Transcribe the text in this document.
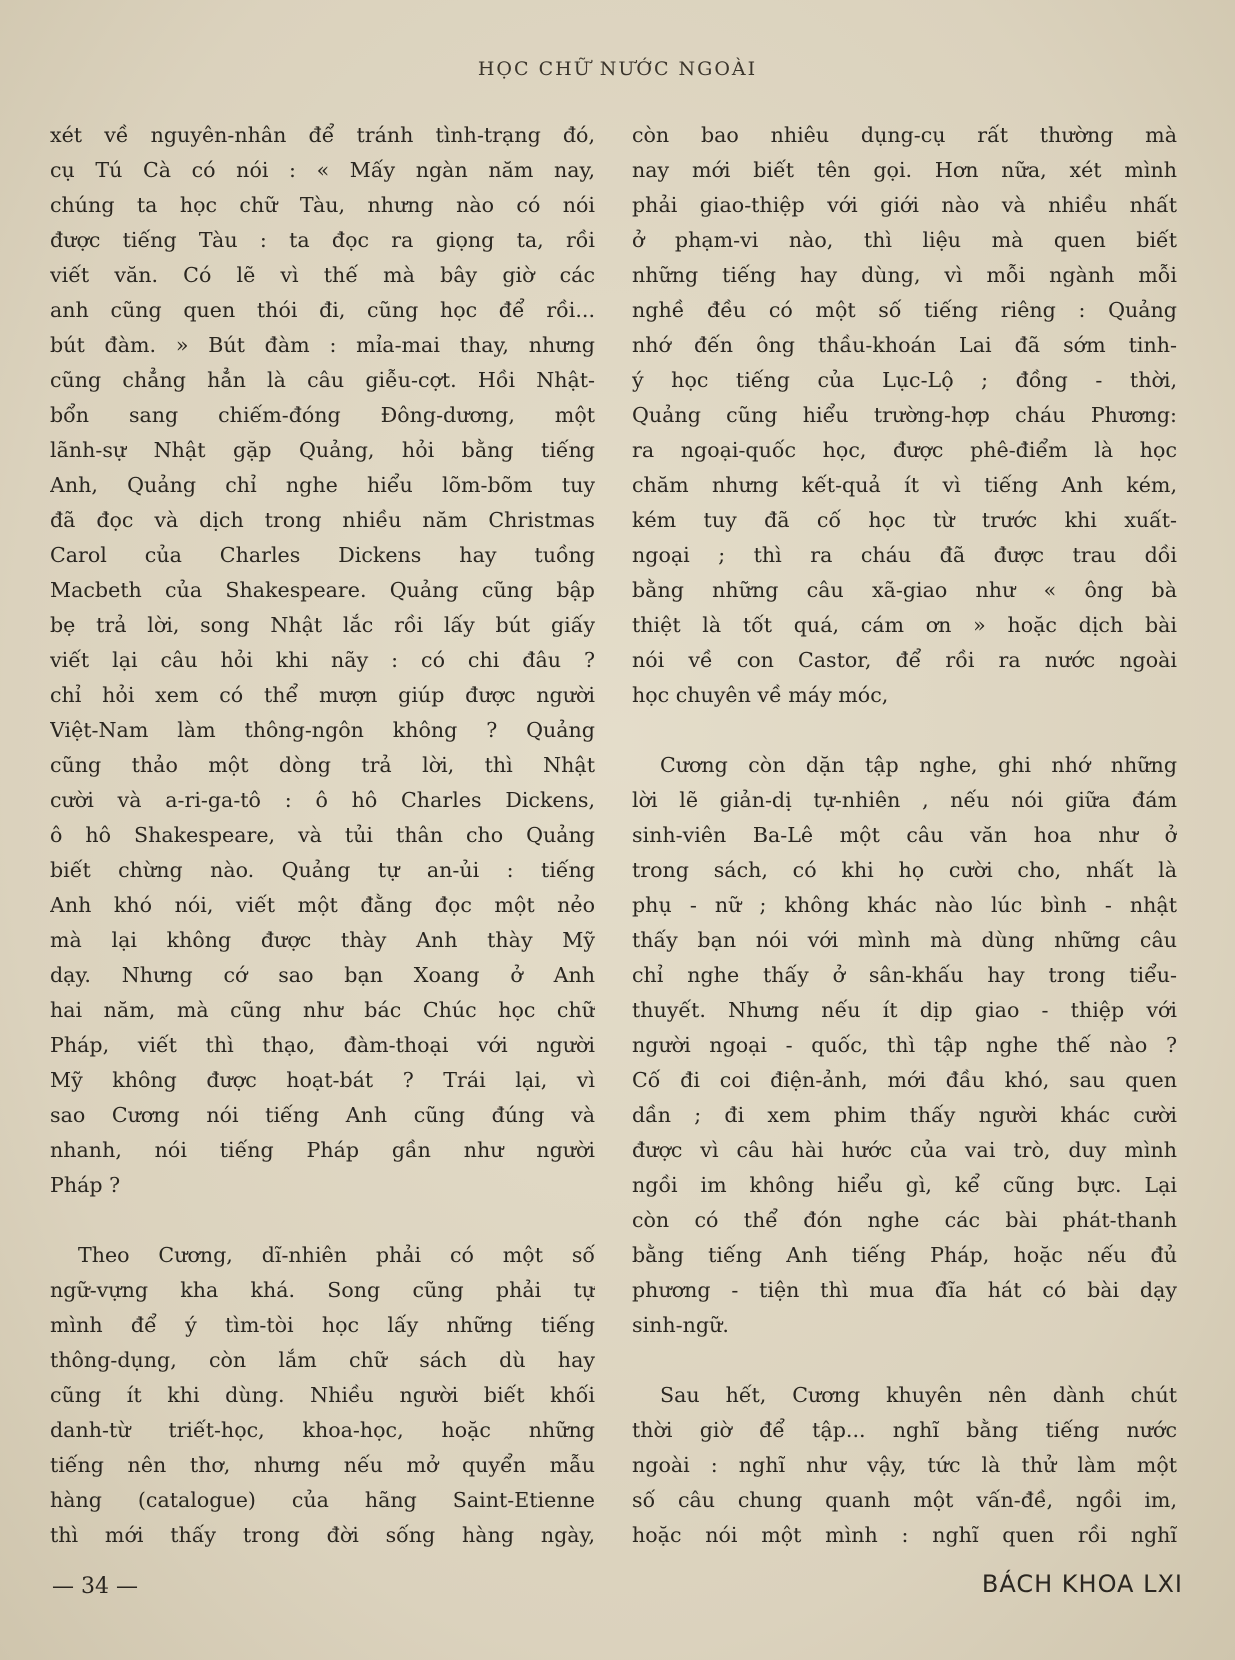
HỌC CHỮ NƯỚC NGOÀI
xét về nguyên-nhân để tránh tình-trạng đó,
cụ Tú Cà có nói : « Mấy ngàn năm nay,
chúng ta học chữ Tàu, nhưng nào có nói
được tiếng Tàu : ta đọc ra giọng ta, rồi
viết văn. Có lẽ vì thế mà bây giờ các
anh cũng quen thói đi, cũng học để rồi...
bút đàm. » Bút đàm : mỉa-mai thay, nhưng
cũng chẳng hẳn là câu giễu-cợt. Hồi Nhật-
bổn sang chiếm-đóng Đông-dương, một
lãnh-sự Nhật gặp Quảng, hỏi bằng tiếng
Anh, Quảng chỉ nghe hiểu lõm-bõm tuy
đã đọc và dịch trong nhiều năm Christmas
Carol của Charles Dickens hay tuồng
Macbeth của Shakespeare. Quảng cũng bập
bẹ trả lời, song Nhật lắc rồi lấy bút giấy
viết lại câu hỏi khi nãy : có chi đâu ?
chỉ hỏi xem có thể mượn giúp được người
Việt-Nam làm thông-ngôn không ? Quảng
cũng thảo một dòng trả lời, thì Nhật
cười và a-ri-ga-tô : ô hô Charles Dickens,
ô hô Shakespeare, và tủi thân cho Quảng
biết chừng nào. Quảng tự an-ủi : tiếng
Anh khó nói, viết một đằng đọc một nẻo
mà lại không được thày Anh thày Mỹ
dạy. Nhưng cớ sao bạn Xoang ở Anh
hai năm, mà cũng như bác Chúc học chữ
Pháp, viết thì thạo, đàm-thoại với người
Mỹ không được hoạt-bát ? Trái lại, vì
sao Cương nói tiếng Anh cũng đúng và
nhanh, nói tiếng Pháp gần như người
Pháp ?
Theo Cương, dĩ-nhiên phải có một số
ngữ-vựng kha khá. Song cũng phải tự
mình để ý tìm-tòi học lấy những tiếng
thông-dụng, còn lắm chữ sách dù hay
cũng ít khi dùng. Nhiều người biết khối
danh-từ triết-học, khoa-học, hoặc những
tiếng nên thơ, nhưng nếu mở quyển mẫu
hàng (catalogue) của hãng Saint-Etienne
thì mới thấy trong đời sống hàng ngày,
còn bao nhiêu dụng-cụ rất thường mà
nay mới biết tên gọi. Hơn nữa, xét mình
phải giao-thiệp với giới nào và nhiều nhất
ở phạm-vi nào, thì liệu mà quen biết
những tiếng hay dùng, vì mỗi ngành mỗi
nghề đều có một số tiếng riêng : Quảng
nhớ đến ông thầu-khoán Lai đã sớm tinh-
ý học tiếng của Lục-Lộ ; đồng - thời,
Quảng cũng hiểu trường-hợp cháu Phương:
ra ngoại-quốc học, được phê-điểm là học
chăm nhưng kết-quả ít vì tiếng Anh kém,
kém tuy đã cố học từ trước khi xuất-
ngoại ; thì ra cháu đã được trau dồi
bằng những câu xã-giao như « ông bà
thiệt là tốt quá, cám ơn » hoặc dịch bài
nói về con Castor, để rồi ra nước ngoài
học chuyên về máy móc,
Cương còn dặn tập nghe, ghi nhớ những
lời lẽ giản-dị tự-nhiên , nếu nói giữa đám
sinh-viên Ba-Lê một câu văn hoa như ở
trong sách, có khi họ cười cho, nhất là
phụ - nữ ; không khác nào lúc bình - nhật
thấy bạn nói với mình mà dùng những câu
chỉ nghe thấy ở sân-khấu hay trong tiểu-
thuyết. Nhưng nếu ít dịp giao - thiệp với
người ngoại - quốc, thì tập nghe thế nào ?
Cố đi coi điện-ảnh, mới đầu khó, sau quen
dần ; đi xem phim thấy người khác cười
được vì câu hài hước của vai trò, duy mình
ngồi im không hiểu gì, kể cũng bực. Lại
còn có thể đón nghe các bài phát-thanh
bằng tiếng Anh tiếng Pháp, hoặc nếu đủ
phương - tiện thì mua đĩa hát có bài dạy
sinh-ngữ.
Sau hết, Cương khuyên nên dành chút
thời giờ để tập... nghĩ bằng tiếng nước
ngoài : nghĩ như vậy, tức là thử làm một
số câu chung quanh một vấn-đề, ngồi im,
hoặc nói một mình : nghĩ quen rồi nghĩ
— 34 —	BÁCH KHOA LXI
